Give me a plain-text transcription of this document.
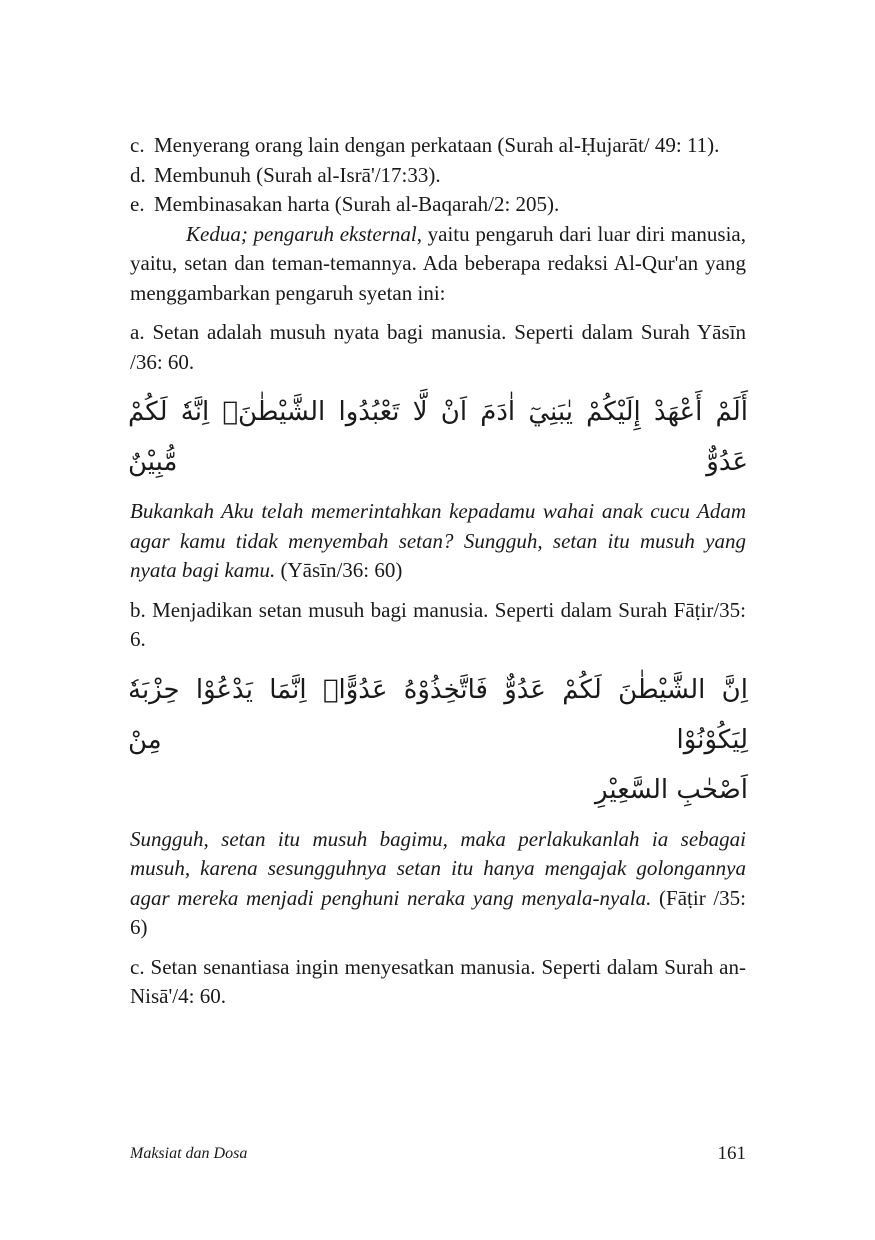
c. Menyerang orang lain dengan perkataan (Surah al-Ḥujarāt/ 49: 11).
d. Membunuh (Surah al-Isrā'/17:33).
e. Membinasakan harta (Surah al-Baqarah/2: 205).
Kedua; pengaruh eksternal, yaitu pengaruh dari luar diri manusia, yaitu, setan dan teman-temannya. Ada beberapa redaksi Al-Qur'an yang menggambarkan pengaruh syetan ini:
a. Setan adalah musuh nyata bagi manusia. Seperti dalam Surah Yāsīn /36: 60.
أَلَمْ أَعْهَدْ إِلَيْكُمْ يٰبَنِيٓ اٰدَمَ اَنْ لَّا تَعْبُدُوا الشَّيْطٰنَۚ اِنَّهٗ لَكُمْ عَدُوٌّ مُّبِيْنٌ
Bukankah Aku telah memerintahkan kepadamu wahai anak cucu Adam agar kamu tidak menyembah setan? Sungguh, setan itu musuh yang nyata bagi kamu. (Yāsīn/36: 60)
b. Menjadikan setan musuh bagi manusia. Seperti dalam Surah Fāṭir/35: 6.
اِنَّ الشَّيْطٰنَ لَكُمْ عَدُوٌّ فَاتَّخِذُوْهُ عَدُوًّاۗ اِنَّمَا يَدْعُوْا حِزْبَهٗ لِيَكُوْنُوْا مِنْ
اَصْحٰبِ السَّعِيْرِ
Sungguh, setan itu musuh bagimu, maka perlakukanlah ia sebagai musuh, karena sesungguhnya setan itu hanya mengajak golongannya agar mereka menjadi penghuni neraka yang menyala-nyala. (Fāṭir /35: 6)
c. Setan senantiasa ingin menyesatkan manusia. Seperti dalam Surah an-Nisā'/4: 60.
Maksiat dan Dosa	161
